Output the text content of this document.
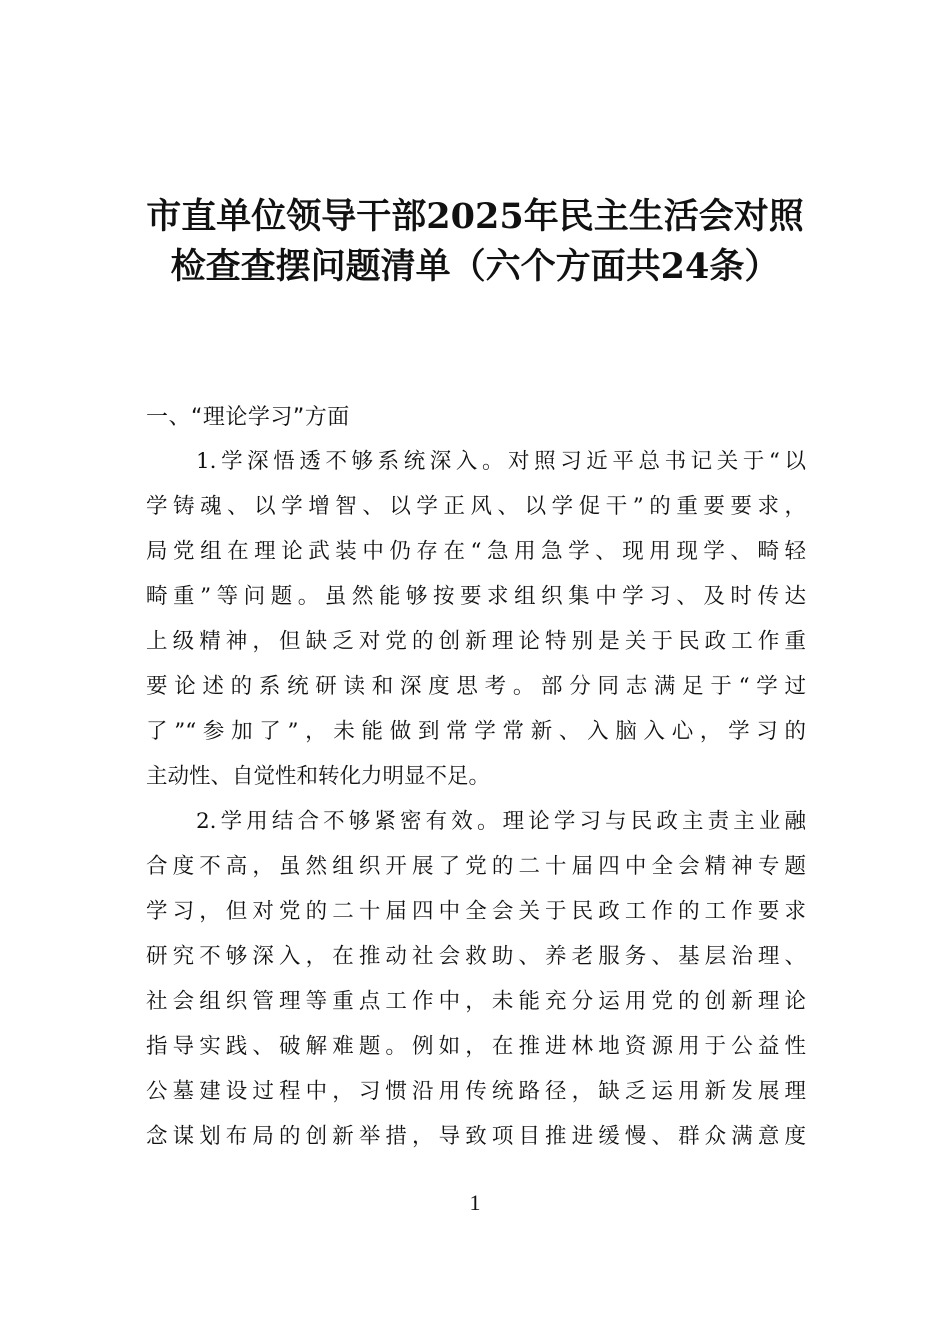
市直单位领导干部2025年民主生活会对照
检查查摆问题清单（六个方面共24条）
一、“理论学习”方面
1.学深悟透不够系统深入。对照习近平总书记关于“以
学铸魂、以学增智、以学正风、以学促干”的重要要求，
局党组在理论武装中仍存在“急用急学、现用现学、畸轻
畸重”等问题。虽然能够按要求组织集中学习、及时传达
上级精神，但缺乏对党的创新理论特别是关于民政工作重
要论述的系统研读和深度思考。部分同志满足于“学过
了”“参加了”，未能做到常学常新、入脑入心，学习的
主动性、自觉性和转化力明显不足。
2.学用结合不够紧密有效。理论学习与民政主责主业融
合度不高，虽然组织开展了党的二十届四中全会精神专题
学习，但对党的二十届四中全会关于民政工作的工作要求
研究不够深入，在推动社会救助、养老服务、基层治理、
社会组织管理等重点工作中，未能充分运用党的创新理论
指导实践、破解难题。例如，在推进林地资源用于公益性
公墓建设过程中，习惯沿用传统路径，缺乏运用新发展理
念谋划布局的创新举措，导致项目推进缓慢、群众满意度
1
